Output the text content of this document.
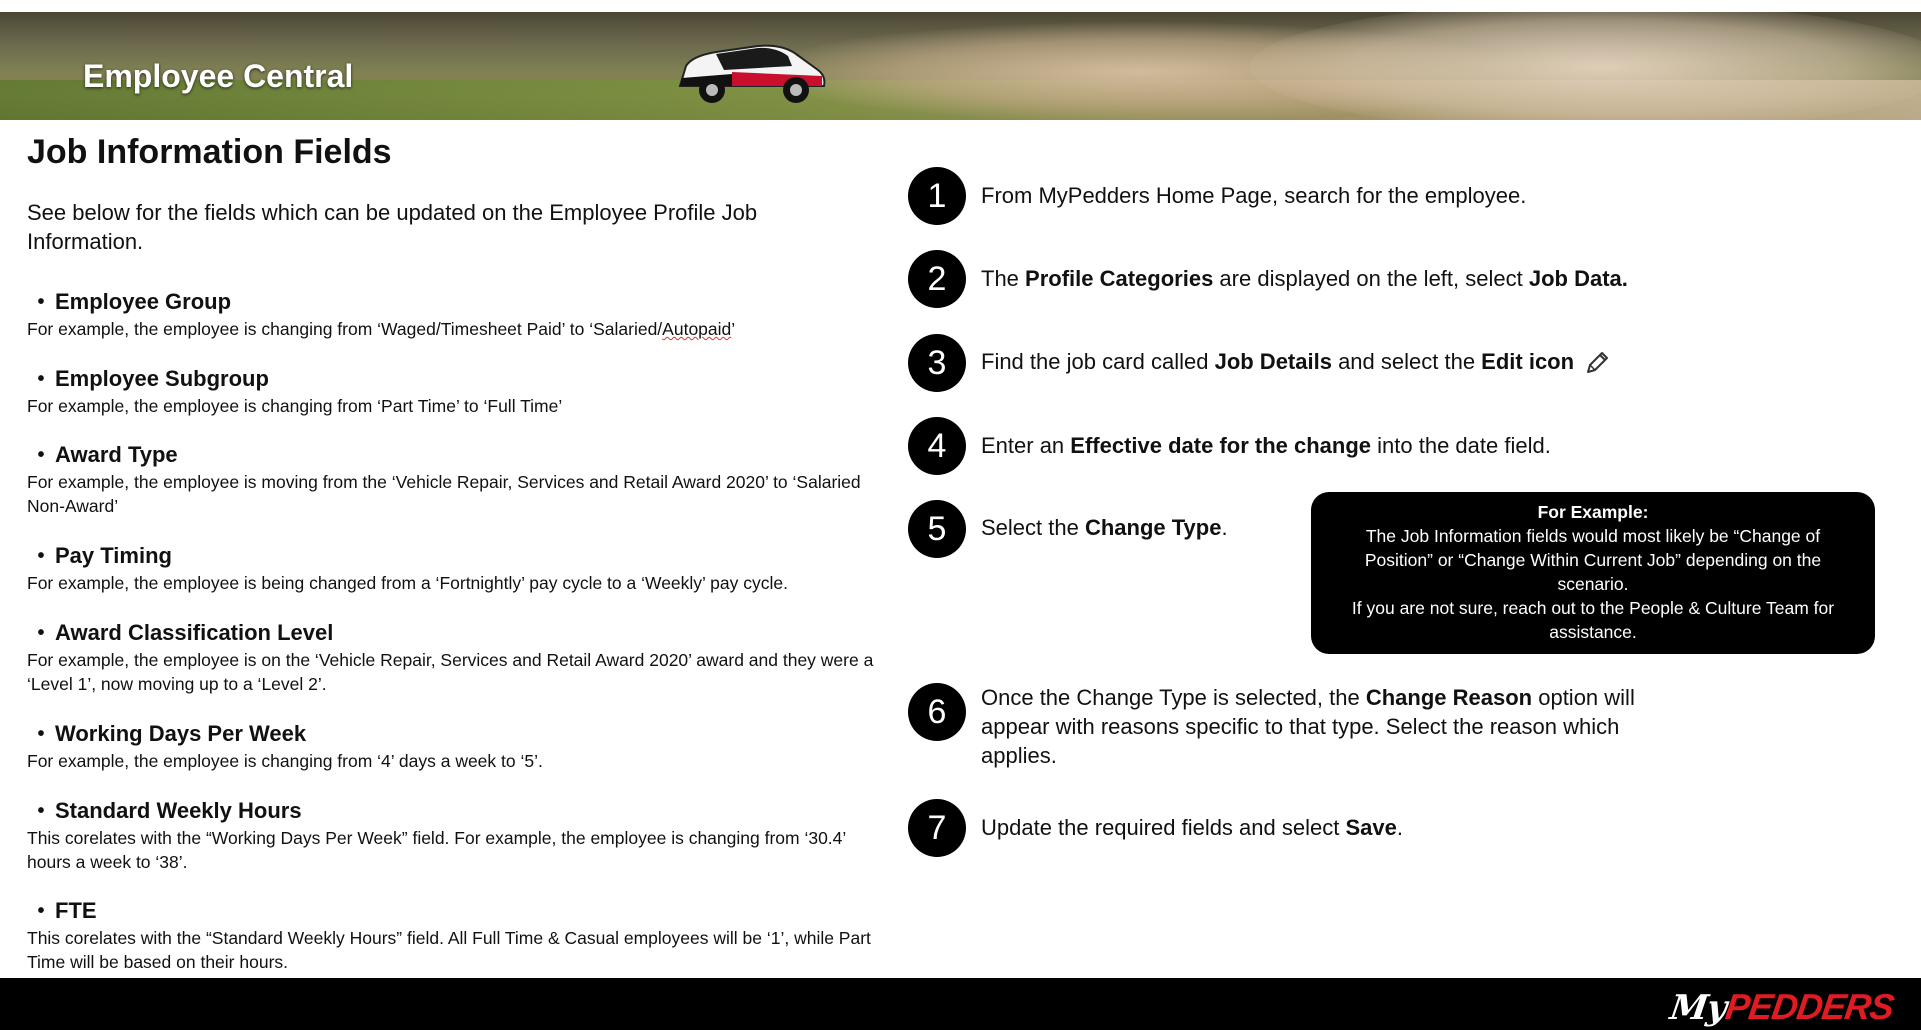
Employee Central
Job Information Fields

See below for the fields which can be updated on the Employee Profile Job Information.

• Employee Group
For example, the employee is changing from ‘Waged/Timesheet Paid’ to ‘Salaried/Autopaid’
• Employee Subgroup
For example, the employee is changing from ‘Part Time’ to ‘Full Time’
• Award Type
For example, the employee is moving from the ‘Vehicle Repair, Services and Retail Award 2020’ to ‘Salaried Non-Award’
• Pay Timing
For example, the employee is being changed from a ‘Fortnightly’ pay cycle to a ‘Weekly’ pay cycle.
• Award Classification Level
For example, the employee is on the ‘Vehicle Repair, Services and Retail Award 2020’ award and they were a ‘Level 1’, now moving up to a ‘Level 2’.
• Working Days Per Week
For example, the employee is changing from ‘4’ days a week to ‘5’.
• Standard Weekly Hours
This corelates with the “Working Days Per Week” field. For example, the employee is changing from ‘30.4’ hours a week to ‘38’.
• FTE
This corelates with the “Standard Weekly Hours” field. All Full Time & Casual employees will be ‘1’, while Part Time will be based on their hours.
1	From MyPedders Home Page, search for the employee.
2	The Profile Categories are displayed on the left, select Job Data.
3	Find the job card called Job Details and select the Edit icon
4	Enter an Effective date for the change into the date field.
5	Select the Change Type.
For Example:
The Job Information fields would most likely be “Change of Position” or “Change Within Current Job” depending on the scenario.
If you are not sure, reach out to the People & Culture Team for assistance.
6	Once the Change Type is selected, the Change Reason option will appear with reasons specific to that type. Select the reason which applies.
7	Update the required fields and select Save.
My
PEDDERS
